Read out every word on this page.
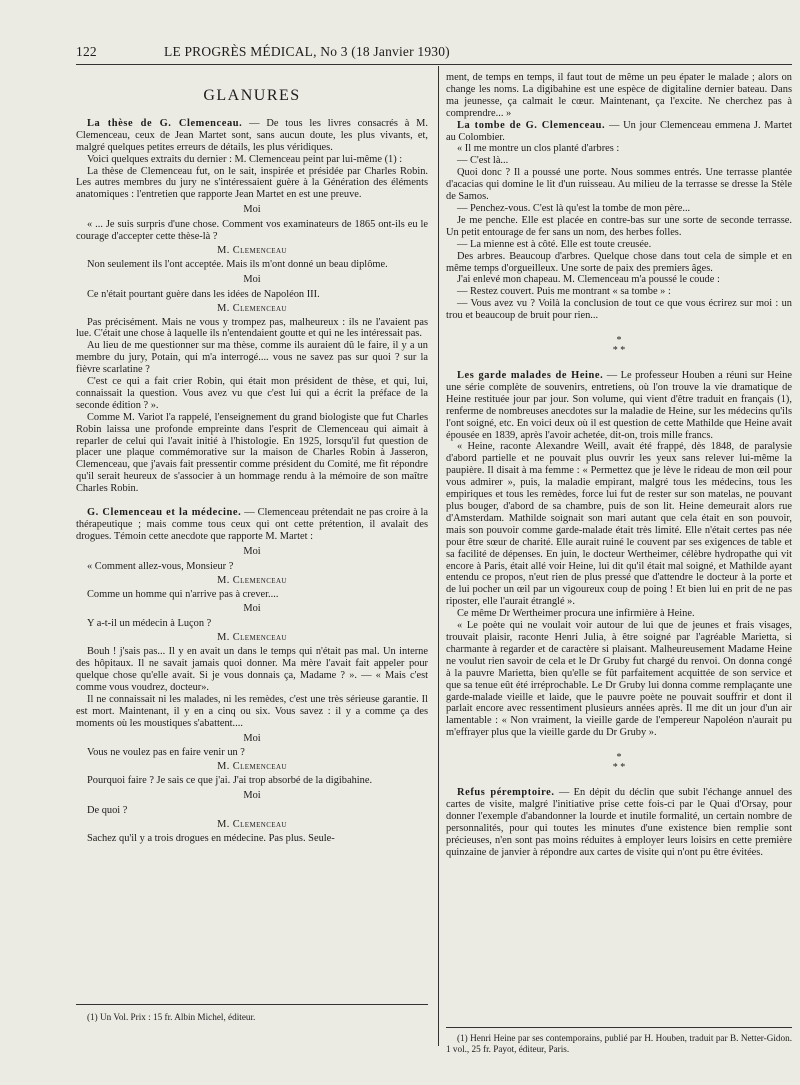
122	LE PROGRÈS MÉDICAL, No 3 (18 Janvier 1930)
GLANURES

La thèse de G. Clemenceau. — De tous les livres consacrés à M. Clemenceau, ceux de Jean Martet sont, sans aucun doute, les plus vivants, et, malgré quelques petites erreurs de détails, les plus véridiques.

Voici quelques extraits du dernier : M. Clemenceau peint par lui-même (1) :

La thèse de Clemenceau fut, on le sait, inspirée et présidée par Charles Robin. Les autres membres du jury ne s'intéressaient guère à la Génération des éléments anatomiques : l'entretien que rapporte Jean Martet en est une preuve.

Moi

« ... Je suis surpris d'une chose. Comment vos examinateurs de 1865 ont-ils eu le courage d'accepter cette thèse-là ?

M. Clemenceau

Non seulement ils l'ont acceptée. Mais ils m'ont donné un beau diplôme.

Moi

Ce n'était pourtant guère dans les idées de Napoléon III.

M. Clemenceau

Pas précisément. Mais ne vous y trompez pas, malheureux : ils ne l'avaient pas lue. C'était une chose à laquelle ils n'entendaient goutte et qui ne les intéressait pas.

Au lieu de me questionner sur ma thèse, comme ils auraient dû le faire, il y a un membre du jury, Potain, qui m'a interrogé.... vous ne savez pas sur quoi ? sur la fièvre scarlatine ?

C'est ce qui a fait crier Robin, qui était mon président de thèse, et qui, lui, connaissait la question. Vous avez vu que c'est lui qui a écrit la préface de la seconde édition ? ».

Comme M. Variot l'a rappelé, l'enseignement du grand biologiste que fut Charles Robin laissa une profonde empreinte dans l'esprit de Clemenceau qui aimait à reparler de celui qui l'avait initié à l'histologie. En 1925, lorsqu'il fut question de placer une plaque commémorative sur la maison de Charles Robin à Jasseron, Clemenceau, que j'avais fait pressentir comme président du Comité, me fit répondre qu'il serait heureux de s'associer à un hommage rendu à la mémoire de son maître Charles Robin.

G. Clemenceau et la médecine. — Clemenceau prétendait ne pas croire à la thérapeutique ; mais comme tous ceux qui ont cette prétention, il avalait des drogues. Témoin cette anecdote que rapporte M. Martet :

Moi

« Comment allez-vous, Monsieur ?

M. Clemenceau

Comme un homme qui n'arrive pas à crever....

Moi

Y a-t-il un médecin à Luçon ?

M. Clemenceau

Bouh ! j'sais pas... Il y en avait un dans le temps qui n'était pas mal. Un interne des hôpitaux. Il ne savait jamais quoi donner. Ma mère l'avait fait appeler pour quelque chose qu'elle avait. Si je vous donnais ça, Madame ? ». — « Mais c'est comme vous voudrez, docteur».

Il ne connaissait ni les malades, ni les remèdes, c'est une très sérieuse garantie. Il est mort. Maintenant, il y en a cinq ou six. Vous savez : il y a comme ça des moments où les moustiques s'abattent....

Moi

Vous ne voulez pas en faire venir un ?

M. Clemenceau

Pourquoi faire ? Je sais ce que j'ai. J'ai trop absorbé de la digibahine.

Moi

De quoi ?

M. Clemenceau

Sachez qu'il y a trois drogues en médecine. Pas plus. Seule-

(1) Un Vol. Prix : 15 fr. Albin Michel, éditeur.

ment, de temps en temps, il faut tout de même un peu épater le malade ; alors on change les noms. La digibahine est une espèce de digitaline dernier bateau. Dans ma jeunesse, ça calmait le cœur. Maintenant, ça l'excite. Ne cherchez pas à comprendre... »

La tombe de G. Clemenceau. — Un jour Clemenceau emmena J. Martet au Colombier.

« Il me montre un clos planté d'arbres :

— C'est là...

Quoi donc ? Il a poussé une porte. Nous sommes entrés. Une terrasse plantée d'acacias qui domine le lit d'un ruisseau. Au milieu de la terrasse se dresse la Stèle de Samos.

— Penchez-vous. C'est là qu'est la tombe de mon père...

Je me penche. Elle est placée en contre-bas sur une sorte de seconde terrasse. Un petit entourage de fer sans un nom, des herbes folles.

— La mienne est à côté. Elle est toute creusée.

Des arbres. Beaucoup d'arbres. Quelque chose dans tout cela de simple et en même temps d'orgueilleux. Une sorte de paix des premiers âges.

J'ai enlevé mon chapeau. M. Clemenceau m'a poussé le coude :

— Restez couvert. Puis me montrant « sa tombe » :

— Vous avez vu ? Voilà la conclusion de tout ce que vous écrirez sur moi : un trou et beaucoup de bruit pour rien...

*
* *

Les garde malades de Heine. — Le professeur Houben a réuni sur Heine une série complète de souvenirs, entretiens, où l'on trouve la vie dramatique de Heine restituée jour par jour. Son volume, qui vient d'être traduit en français (1), renferme de nombreuses anecdotes sur la maladie de Heine, sur les médecins qu'ils l'ont soigné, etc. En voici deux où il est question de cette Mathilde que Heine avait épousée en 1839, après l'avoir achetée, dit-on, trois mille francs.

« Heine, raconte Alexandre Weill, avait été frappé, dès 1848, de paralysie d'abord partielle et ne pouvait plus ouvrir les yeux sans relever lui-même la paupière. Il disait à ma femme : « Permettez que je lève le rideau de mon œil pour vous admirer », puis, la maladie empirant, malgré tous les médecins, tous les empiriques et tous les remèdes, force lui fut de rester sur son matelas, ne pouvant plus bouger, d'abord de sa chambre, puis de son lit. Heine demeurait alors rue d'Amsterdam. Mathilde soignait son mari autant que cela était en son pouvoir, mais son pouvoir comme garde-malade était très limité. Elle n'était certes pas née pour être sœur de charité. Elle aurait ruiné le couvent par ses exigences de table et sa facilité de dépenses. En juin, le docteur Wertheimer, célèbre hydropathe qui vit encore à Paris, était allé voir Heine, lui dit qu'il était mal soigné, et Mathilde ayant entendu ce propos, n'eut rien de plus pressé que d'attendre le docteur à la porte et de lui pocher un œil par un vigoureux coup de poing ! Et bien lui en prit de ne pas riposter, elle l'aurait étranglé ».

Ce même Dr Wertheimer procura une infirmière à Heine.

« Le poète qui ne voulait voir autour de lui que de jeunes et frais visages, trouvait plaisir, raconte Henri Julia, à être soigné par l'agréable Marietta, si charmante à regarder et de caractère si plaisant. Malheureusement Madame Heine ne voulut rien savoir de cela et le Dr Gruby fut chargé du renvoi. On donna congé à la pauvre Marietta, bien qu'elle se fût parfaitement acquittée de son service et que sa tenue eût été irréprochable. Le Dr Gruby lui donna comme remplaçante une garde-malade vieille et laide, que le pauvre poète ne pouvait souffrir et dont il parlait encore avec ressentiment plusieurs années après. Il me dit un jour d'un air lamentable : « Non vraiment, la vieille garde de l'empereur Napoléon n'aurait pu m'effrayer plus que la vieille garde du Dr Gruby ».

*
* *

Refus péremptoire. — En dépit du déclin que subit l'échange annuel des cartes de visite, malgré l'initiative prise cette fois-ci par le Quai d'Orsay, pour donner l'exemple d'abandonner la lourde et inutile formalité, un certain nombre de personnalités, pour qui toutes les minutes d'une existence bien remplie sont précieuses, n'en sont pas moins réduites à employer leurs loisirs en cette première quinzaine de janvier à répondre aux cartes de visite qui n'ont pu être évitées.

(1) Henri Heine par ses contemporains, publié par H. Houben, traduit par B. Netter-Gidon. 1 vol., 25 fr. Payot, éditeur, Paris.
